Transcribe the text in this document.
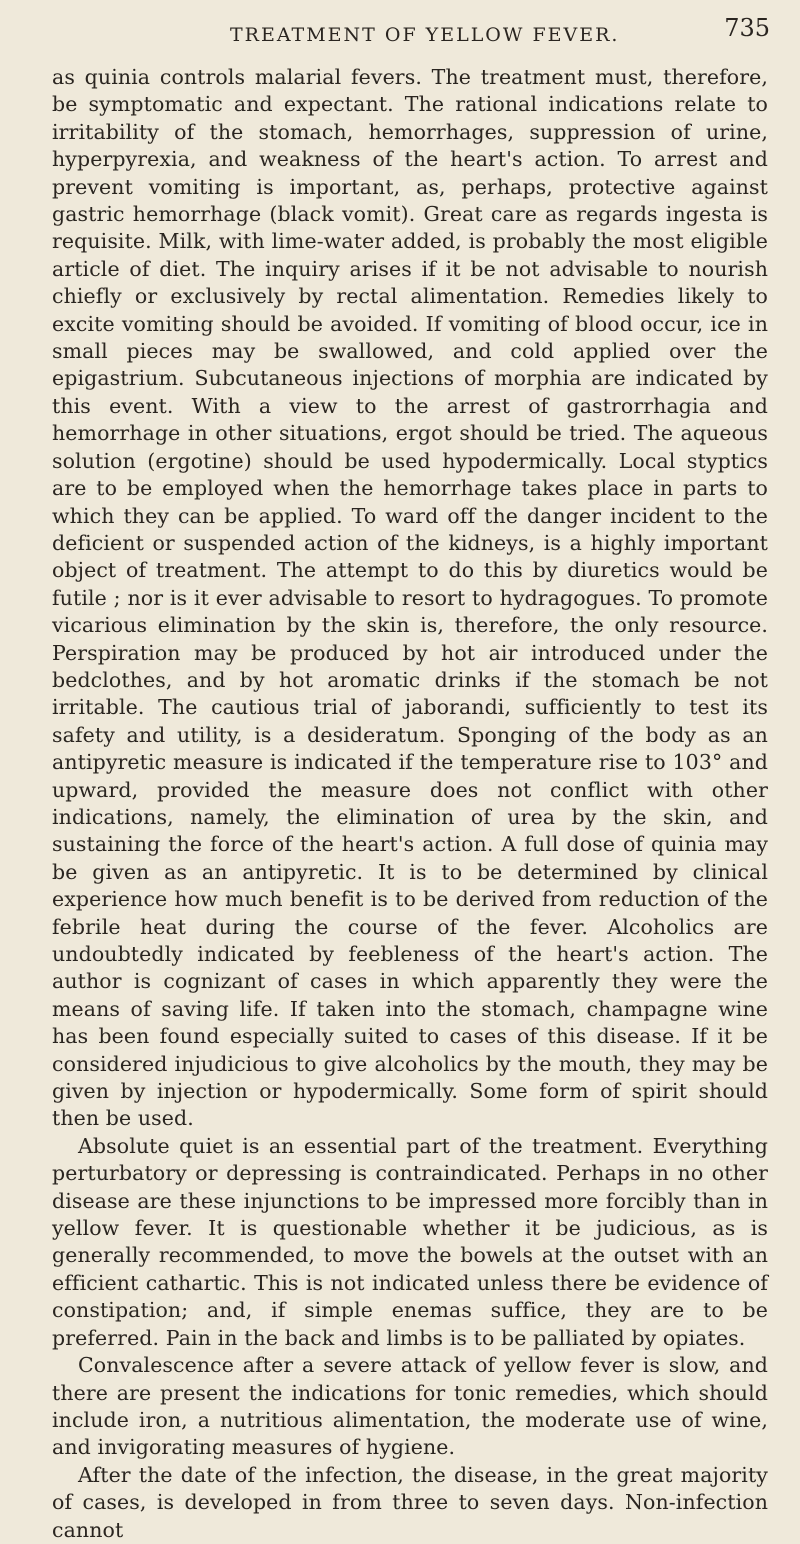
TREATMENT OF YELLOW FEVER.	735

as quinia controls malarial fevers. The treatment must, therefore, be symptomatic and expectant. The rational indications relate to irritability of the stomach, hemorrhages, suppression of urine, hyperpyrexia, and weakness of the heart's action. To arrest and prevent vomiting is important, as, perhaps, protective against gastric hemorrhage (black vomit). Great care as regards ingesta is requisite. Milk, with lime-water added, is probably the most eligible article of diet. The inquiry arises if it be not advisable to nourish chiefly or exclusively by rectal alimentation. Remedies likely to excite vomiting should be avoided. If vomiting of blood occur, ice in small pieces may be swallowed, and cold applied over the epigastrium. Subcutaneous injections of morphia are indicated by this event. With a view to the arrest of gastrorrhagia and hemorrhage in other situations, ergot should be tried. The aqueous solution (ergotine) should be used hypodermically. Local styptics are to be employed when the hemorrhage takes place in parts to which they can be applied. To ward off the danger incident to the deficient or suspended action of the kidneys, is a highly important object of treatment. The attempt to do this by diuretics would be futile ; nor is it ever advisable to resort to hydragogues. To promote vicarious elimination by the skin is, therefore, the only resource. Perspiration may be produced by hot air introduced under the bedclothes, and by hot aromatic drinks if the stomach be not irritable. The cautious trial of jaborandi, sufficiently to test its safety and utility, is a desideratum. Sponging of the body as an antipyretic measure is indicated if the temperature rise to 103° and upward, provided the measure does not conflict with other indications, namely, the elimination of urea by the skin, and sustaining the force of the heart's action. A full dose of quinia may be given as an antipyretic. It is to be determined by clinical experience how much benefit is to be derived from reduction of the febrile heat during the course of the fever. Alcoholics are undoubtedly indicated by feebleness of the heart's action. The author is cognizant of cases in which apparently they were the means of saving life. If taken into the stomach, champagne wine has been found especially suited to cases of this disease. If it be considered injudicious to give alcoholics by the mouth, they may be given by injection or hypodermically. Some form of spirit should then be used.

Absolute quiet is an essential part of the treatment. Everything perturbatory or depressing is contraindicated. Perhaps in no other disease are these injunctions to be impressed more forcibly than in yellow fever. It is questionable whether it be judicious, as is generally recommended, to move the bowels at the outset with an efficient cathartic. This is not indicated unless there be evidence of constipation; and, if simple enemas suffice, they are to be preferred. Pain in the back and limbs is to be palliated by opiates.

Convalescence after a severe attack of yellow fever is slow, and there are present the indications for tonic remedies, which should include iron, a nutritious alimentation, the moderate use of wine, and invigorating measures of hygiene.

After the date of the infection, the disease, in the great majority of cases, is developed in from three to seven days. Non-infection cannot
